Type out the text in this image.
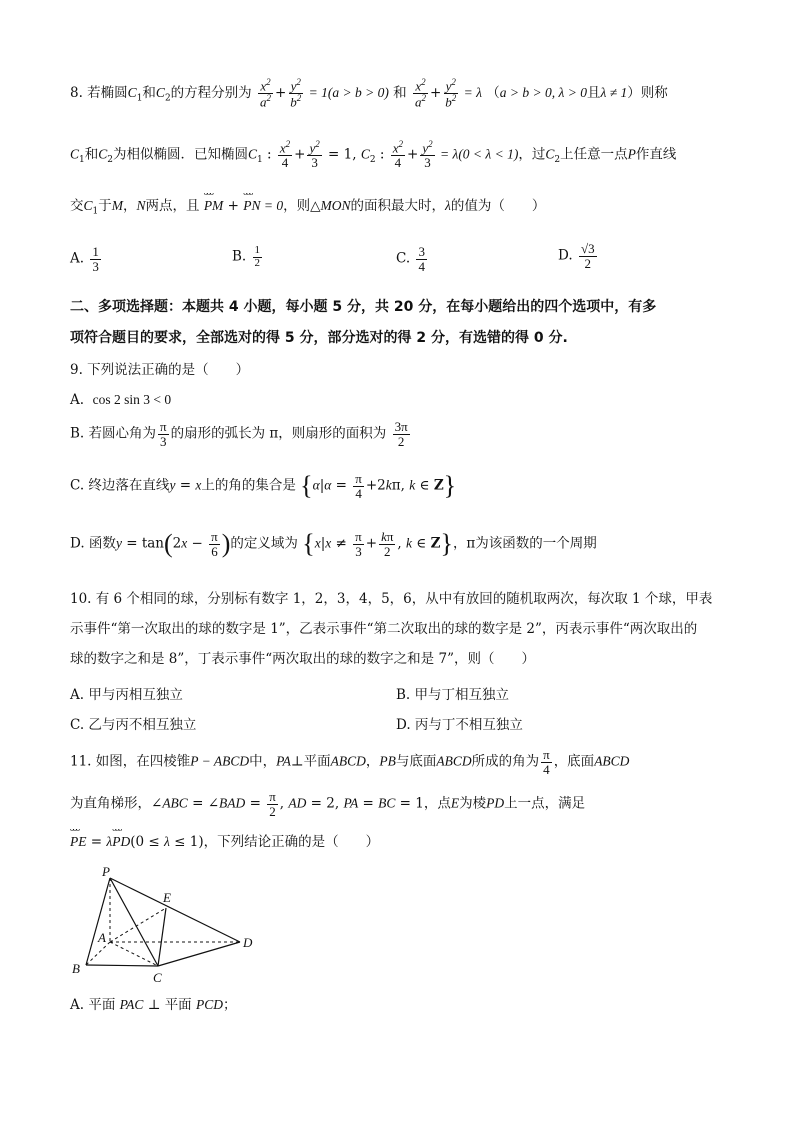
8. 若椭圆$C_1$和$C_2$的方程分别为 $\frac{x^2}{a^2} + \frac{y^2}{b^2} = 1(a > b > 0)$ 和 $\frac{x^2}{a^2} + \frac{y^2}{b^2} = \lambda$ （a > b > 0, λ > 0且λ ≠ 1）则称
$C_1$和$C_2$为相似椭圆．已知椭圆$C_1$ : $\frac{x^2}{4} + \frac{y^2}{3} = 1$, $C_2$ : $\frac{x^2}{4} + \frac{y^2}{3} = \lambda(0 < \lambda < 1)$，过$C_2$上任意一点P作直线
交$C_1$于M，N两点，且 ᴗᴗᴗ PM + ᴗᴗᴗ PN = 0，则△MON的面积最大时，λ的值为（　　）
A. $\frac{1}{3}$	B. $\frac{1}{2}$	C. $\frac{3}{4}$	D. $\frac{√3}{2}$
二、多项选择题：本题共 4 小题，每小题 5 分，共 20 分，在每小题给出的四个选项中，有多
项符合题目的要求，全部选对的得 5 分，部分选对的得 2 分，有选错的得 0 分.
9. 下列说法正确的是（　　）
A. cos 2 sin 3 < 0
B. 若圆心角为 $\frac{\pi}{3}$ 的扇形的弧长为 π，则扇形的面积为 $\frac{3\pi}{2}$
C. 终边落在直线y = x上的角的集合是 {$\alpha|\alpha = \frac{\pi}{4} +2k\pi$, k ∈ Z}
D. 函数$y = \tan(2x - \frac{\pi}{6}$ )的定义域为 {$x|x \ne \frac{\pi}{3} + \frac{k\pi}{2}$ , k ∈ Z}，π为该函数的一个周期
10. 有 6 个相同的球，分别标有数字 1，2，3，4，5，6，从中有放回的随机取两次，每次取 1 个球，甲表
示事件“第一次取出的球的数字是 1”，乙表示事件“第二次取出的球的数字是 2”，丙表示事件“两次取出的
球的数字之和是 8”，丁表示事件“两次取出的球的数字之和是 7”，则（　　）
A. 甲与丙相互独立	B. 甲与丁相互独立
C. 乙与丙不相互独立	D. 丙与丁不相互独立
11. 如图，在四棱锥P − ABCD中，PA⊥平面ABCD，PB与底面ABCD所成的角为 $\frac{\pi}{4}$ ，底面ABCD
为直角梯形，∠ABC = ∠BAD = $\frac{\pi}{2}$ , AD = 2, PA = BC = 1，点E为棱PD上一点，满足
ᴗᴗᴗ PE = λᴗᴗᴗ PD(0 ≤ λ ≤ 1)，下列结论正确的是（　　）
P
E
A	D
B
C
A. 平面 PAC ⊥ 平面 PCD；
